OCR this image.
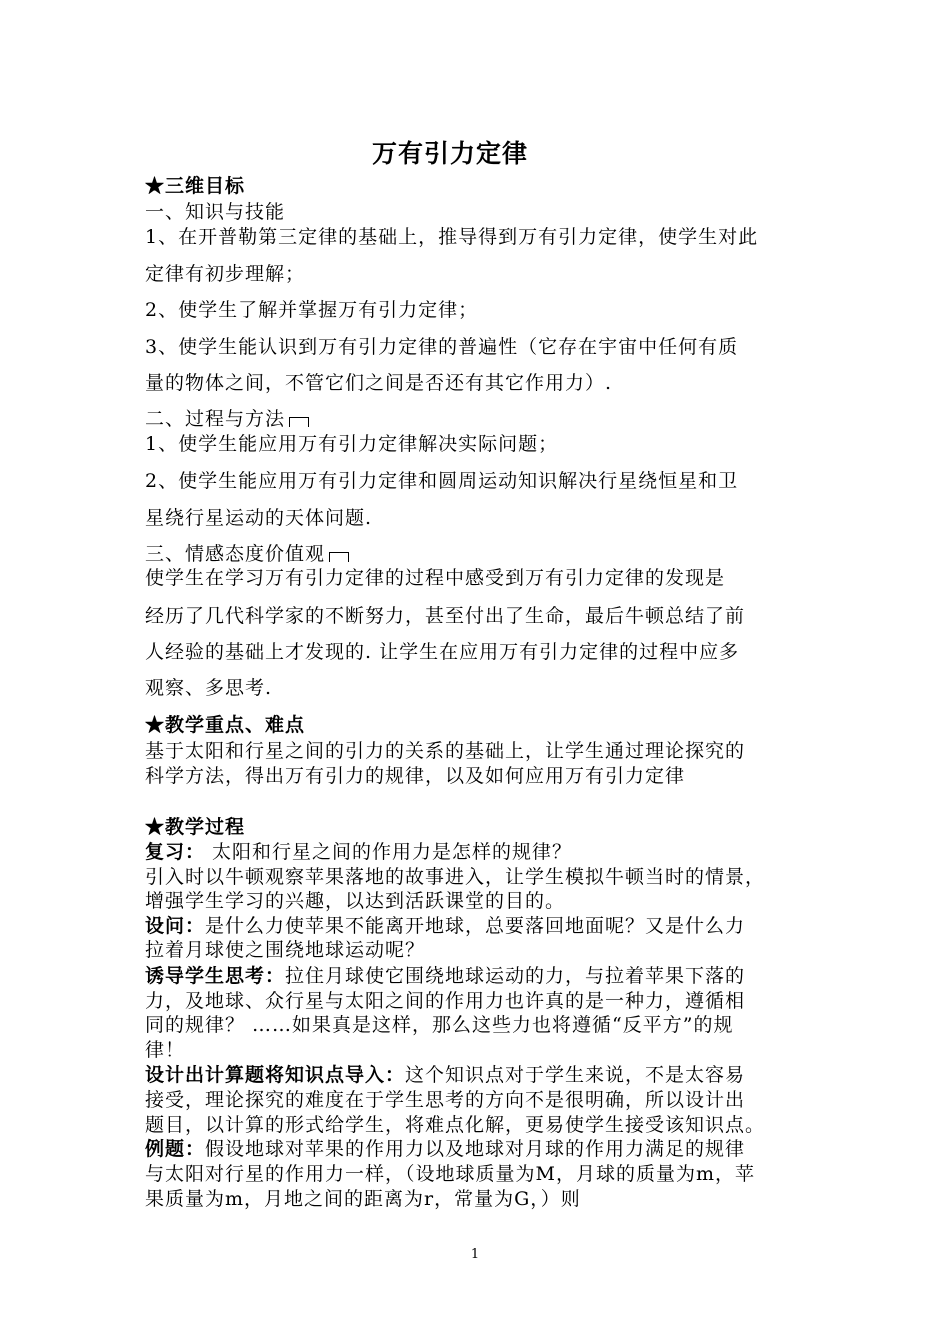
万有引力定律
★三维目标
一、知识与技能
1、在开普勒第三定律的基础上，推导得到万有引力定律，使学生对此
定律有初步理解；
2、使学生了解并掌握万有引力定律；
3、使学生能认识到万有引力定律的普遍性（它存在宇宙中任何有质
量的物体之间，不管它们之间是否还有其它作用力）.
二、过程与方法
1、使学生能应用万有引力定律解决实际问题；
2、使学生能应用万有引力定律和圆周运动知识解决行星绕恒星和卫
星绕行星运动的天体问题.
三、情感态度价值观
使学生在学习万有引力定律的过程中感受到万有引力定律的发现是
经历了几代科学家的不断努力，甚至付出了生命，最后牛顿总结了前
人经验的基础上才发现的. 让学生在应用万有引力定律的过程中应多
观察、多思考.
★教学重点、难点
基于太阳和行星之间的引力的关系的基础上，让学生通过理论探究的
科学方法，得出万有引力的规律，以及如何应用万有引力定律
★教学过程
复习： 太阳和行星之间的作用力是怎样的规律？
引入时以牛顿观察苹果落地的故事进入，让学生模拟牛顿当时的情景，
增强学生学习的兴趣，以达到活跃课堂的目的。
设问：是什么力使苹果不能离开地球，总要落回地面呢？又是什么力
拉着月球使之围绕地球运动呢？
诱导学生思考：拉住月球使它围绕地球运动的力，与拉着苹果下落的
力，及地球、众行星与太阳之间的作用力也许真的是一种力，遵循相
同的规律？ ……如果真是这样，那么这些力也将遵循“反平方”的规
律！
设计出计算题将知识点导入：这个知识点对于学生来说，不是太容易
接受，理论探究的难度在于学生思考的方向不是很明确，所以设计出
题目，以计算的形式给学生，将难点化解，更易使学生接受该知识点。
例题：假设地球对苹果的作用力以及地球对月球的作用力满足的规律
与太阳对行星的作用力一样，（设地球质量为M，月球的质量为m，苹
果质量为m，月地之间的距离为r，常量为G，）则
1
